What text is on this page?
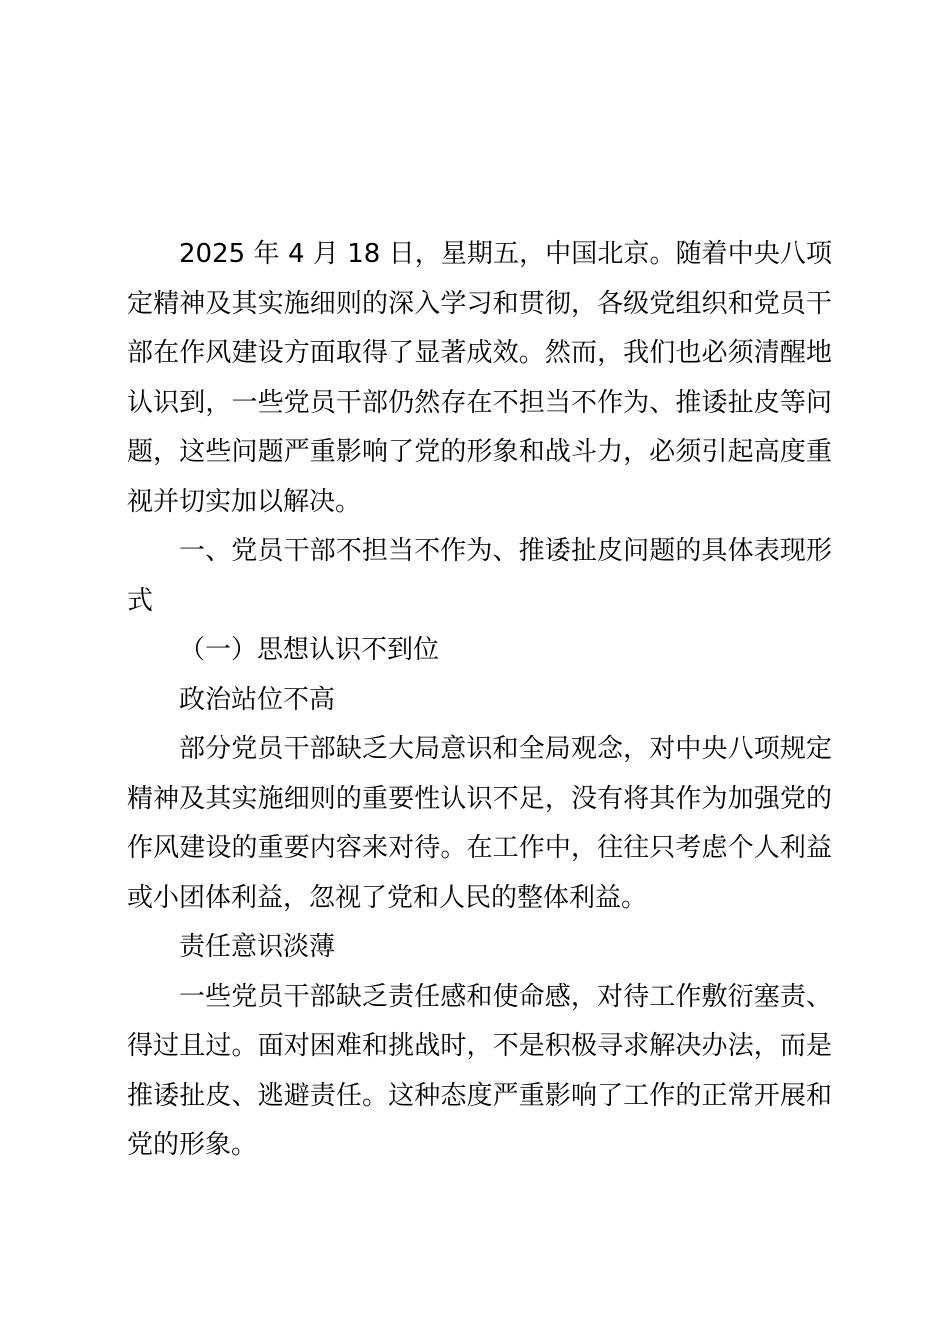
2025 年 4 月 18 日，星期五，中国北京。随着中央八项
定精神及其实施细则的深入学习和贯彻，各级党组织和党员干
部在作风建设方面取得了显著成效。然而，我们也必须清醒地
认识到，一些党员干部仍然存在不担当不作为、推诿扯皮等问
题，这些问题严重影响了党的形象和战斗力，必须引起高度重
视并切实加以解决。
一、党员干部不担当不作为、推诿扯皮问题的具体表现形
式
（一）思想认识不到位
政治站位不高
部分党员干部缺乏大局意识和全局观念，对中央八项规定
精神及其实施细则的重要性认识不足，没有将其作为加强党的
作风建设的重要内容来对待。在工作中，往往只考虑个人利益
或小团体利益，忽视了党和人民的整体利益。
责任意识淡薄
一些党员干部缺乏责任感和使命感，对待工作敷衍塞责、
得过且过。面对困难和挑战时，不是积极寻求解决办法，而是
推诿扯皮、逃避责任。这种态度严重影响了工作的正常开展和
党的形象。
